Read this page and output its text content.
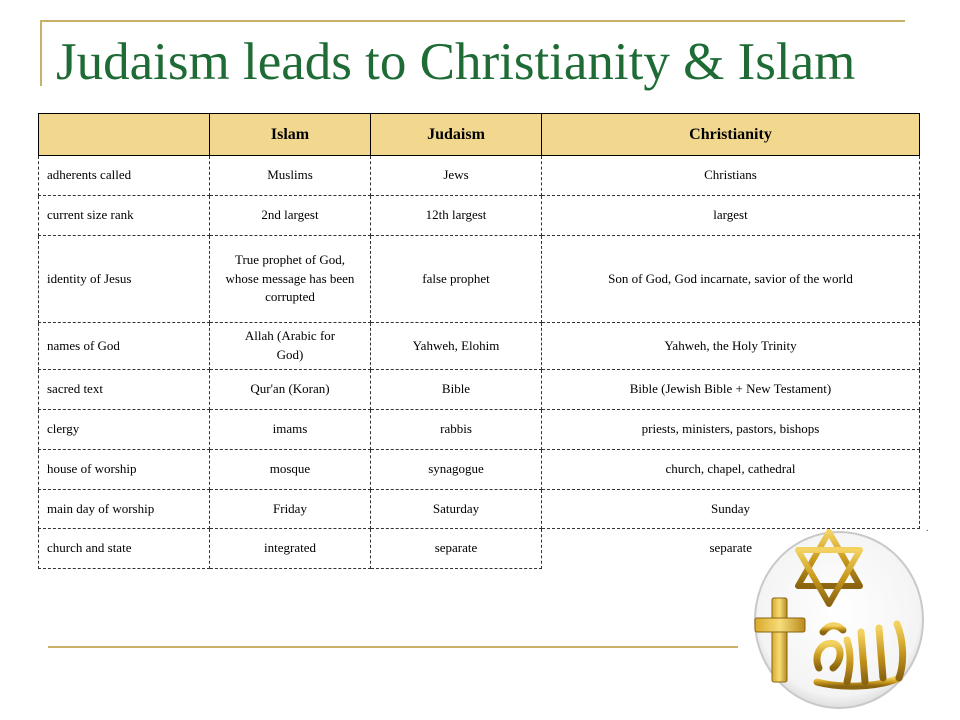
Judaism leads to Christianity & Islam
	Islam	Judaism	Christianity
adherents called	Muslims	Jews	Christians
current size rank	2nd largest	12th largest	largest
identity of Jesus	True prophet of God, whose message has been corrupted	false prophet	Son of God, God incarnate, savior of the world
names of God	Allah (Arabic for God)	Yahweh, Elohim	Yahweh, the Holy Trinity
sacred text	Qur'an (Koran)	Bible	Bible (Jewish Bible + New Testament)
clergy	imams	rabbis	priests, ministers, pastors, bishops
house of worship	mosque	synagogue	church, chapel, cathedral
main day of worship	Friday	Saturday	Sunday
church and state	integrated	separate	separate
.
